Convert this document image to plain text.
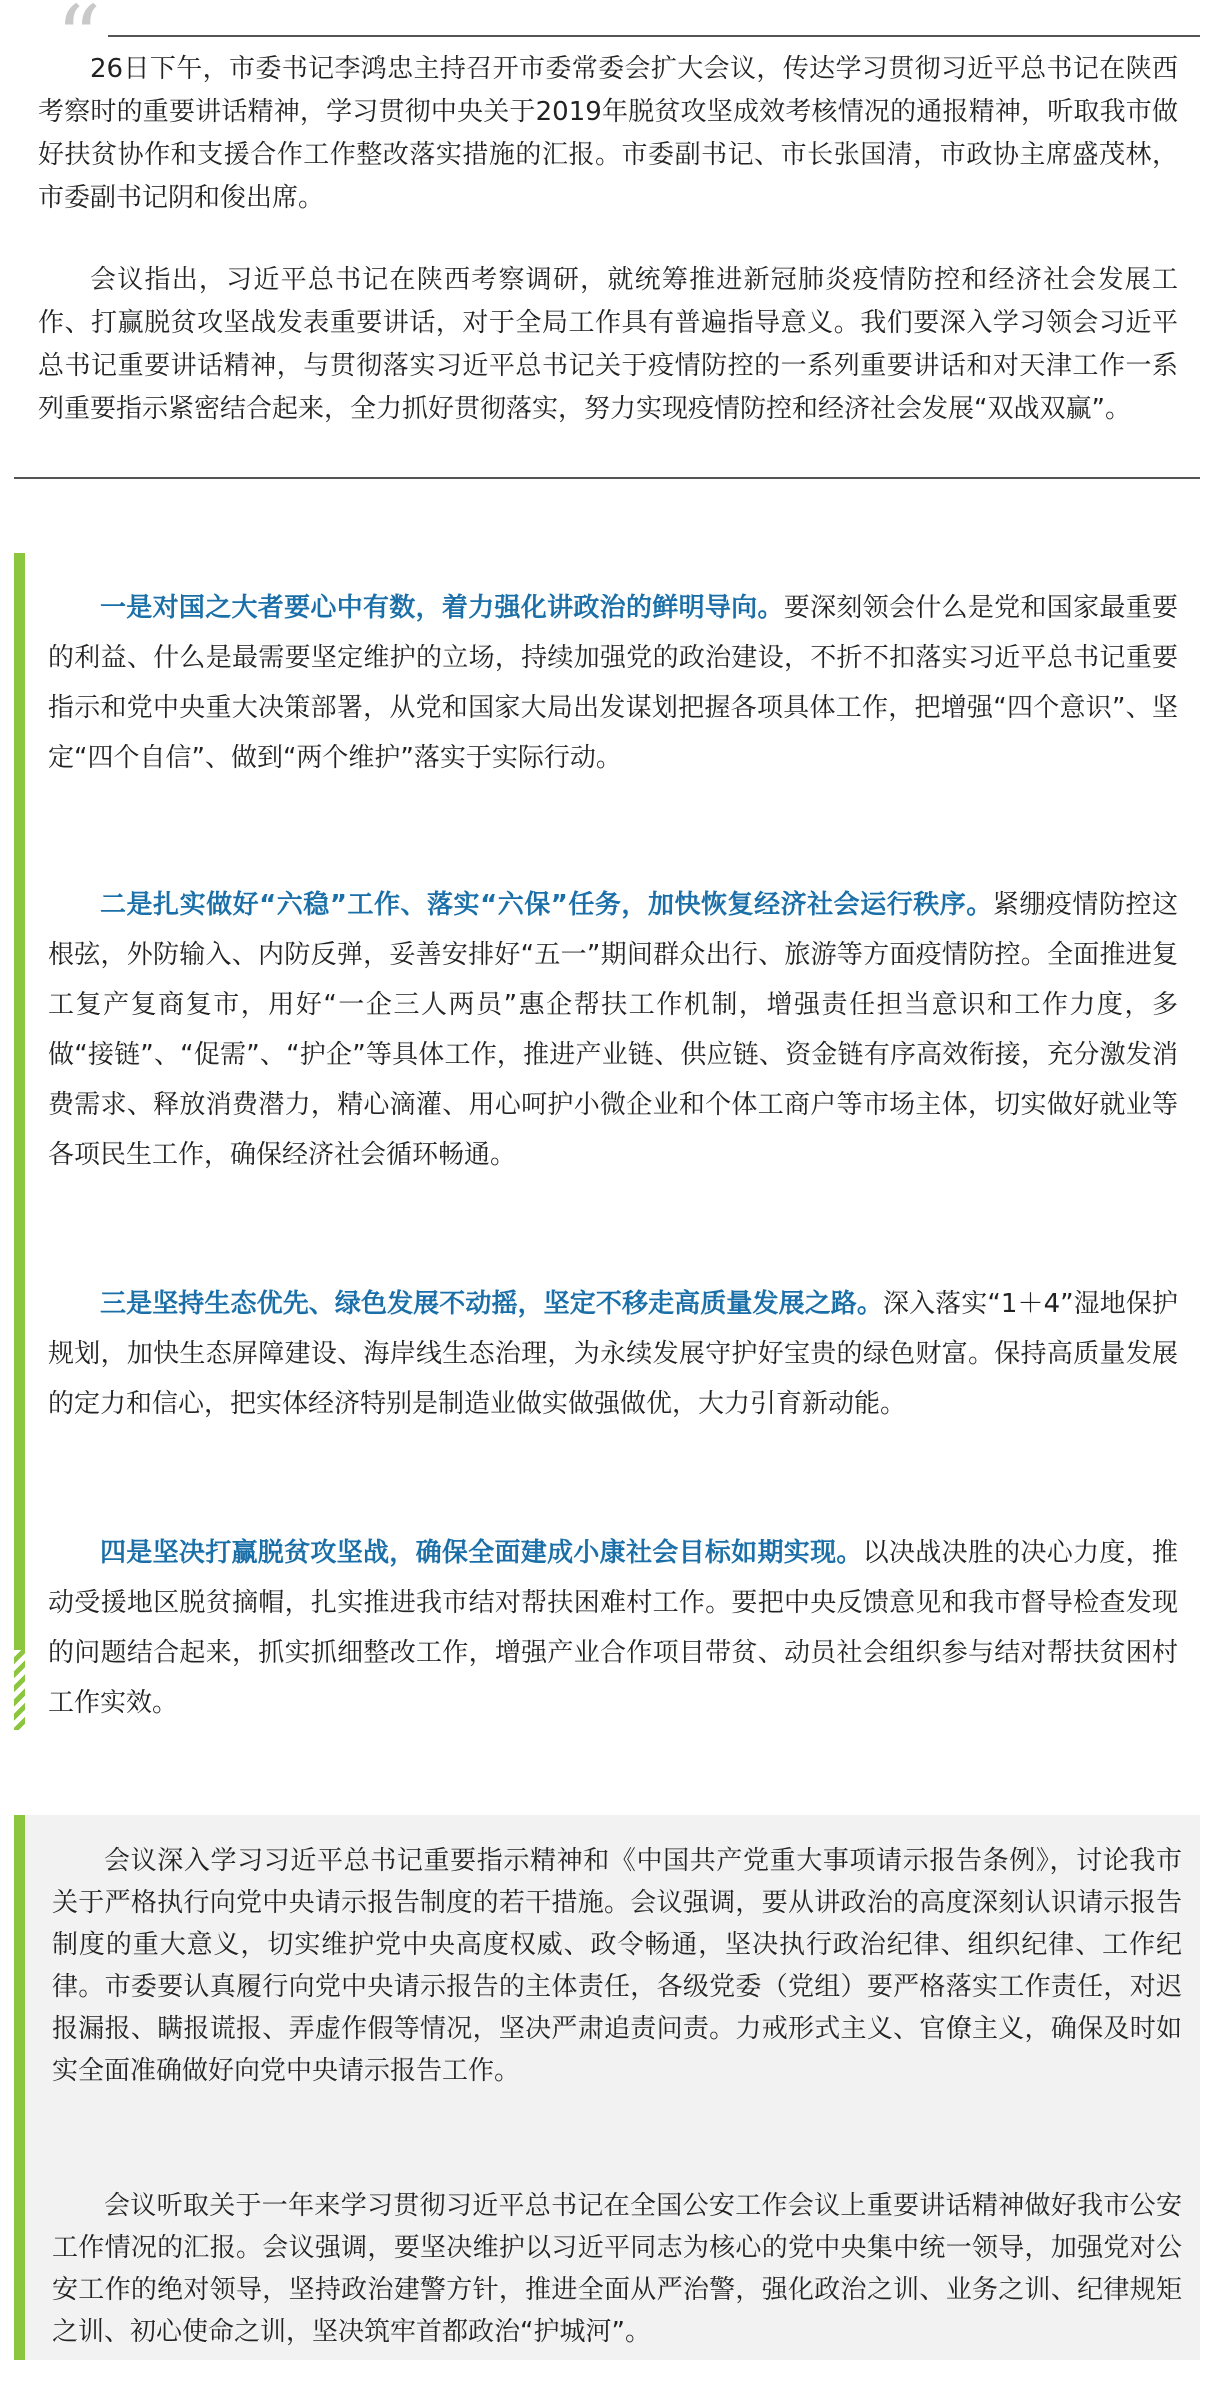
“

26日下午，市委书记李鸿忠主持召开市委常委会扩大会议，传达学习贯彻习近平总书记在陕西考察时的重要讲话精神，学习贯彻中央关于2019年脱贫攻坚成效考核情况的通报精神，听取我市做好扶贫协作和支援合作工作整改落实措施的汇报。市委副书记、市长张国清，市政协主席盛茂林，市委副书记阴和俊出席。

会议指出，习近平总书记在陕西考察调研，就统筹推进新冠肺炎疫情防控和经济社会发展工作、打赢脱贫攻坚战发表重要讲话，对于全局工作具有普遍指导意义。我们要深入学习领会习近平总书记重要讲话精神，与贯彻落实习近平总书记关于疫情防控的一系列重要讲话和对天津工作一系列重要指示紧密结合起来，全力抓好贯彻落实，努力实现疫情防控和经济社会发展“双战双赢”。

一是对国之大者要心中有数，着力强化讲政治的鲜明导向。要深刻领会什么是党和国家最重要的利益、什么是最需要坚定维护的立场，持续加强党的政治建设，不折不扣落实习近平总书记重要指示和党中央重大决策部署，从党和国家大局出发谋划把握各项具体工作，把增强“四个意识”、坚定“四个自信”、做到“两个维护”落实于实际行动。

二是扎实做好“六稳”工作、落实“六保”任务，加快恢复经济社会运行秩序。紧绷疫情防控这根弦，外防输入、内防反弹，妥善安排好“五一”期间群众出行、旅游等方面疫情防控。全面推进复工复产复商复市，用好“一企三人两员”惠企帮扶工作机制，增强责任担当意识和工作力度，多做“接链”、“促需”、“护企”等具体工作，推进产业链、供应链、资金链有序高效衔接，充分激发消费需求、释放消费潜力，精心滴灌、用心呵护小微企业和个体工商户等市场主体，切实做好就业等各项民生工作，确保经济社会循环畅通。

三是坚持生态优先、绿色发展不动摇，坚定不移走高质量发展之路。深入落实“1＋4”湿地保护规划，加快生态屏障建设、海岸线生态治理，为永续发展守护好宝贵的绿色财富。保持高质量发展的定力和信心，把实体经济特别是制造业做实做强做优，大力引育新动能。

四是坚决打赢脱贫攻坚战，确保全面建成小康社会目标如期实现。以决战决胜的决心力度，推动受援地区脱贫摘帽，扎实推进我市结对帮扶困难村工作。要把中央反馈意见和我市督导检查发现的问题结合起来，抓实抓细整改工作，增强产业合作项目带贫、动员社会组织参与结对帮扶贫困村工作实效。

会议深入学习习近平总书记重要指示精神和《中国共产党重大事项请示报告条例》，讨论我市关于严格执行向党中央请示报告制度的若干措施。会议强调，要从讲政治的高度深刻认识请示报告制度的重大意义，切实维护党中央高度权威、政令畅通，坚决执行政治纪律、组织纪律、工作纪律。市委要认真履行向党中央请示报告的主体责任，各级党委（党组）要严格落实工作责任，对迟报漏报、瞒报谎报、弄虚作假等情况，坚决严肃追责问责。力戒形式主义、官僚主义，确保及时如实全面准确做好向党中央请示报告工作。

会议听取关于一年来学习贯彻习近平总书记在全国公安工作会议上重要讲话精神做好我市公安工作情况的汇报。会议强调，要坚决维护以习近平同志为核心的党中央集中统一领导，加强党对公安工作的绝对领导，坚持政治建警方针，推进全面从严治警，强化政治之训、业务之训、纪律规矩之训、初心使命之训，坚决筑牢首都政治“护城河”。
